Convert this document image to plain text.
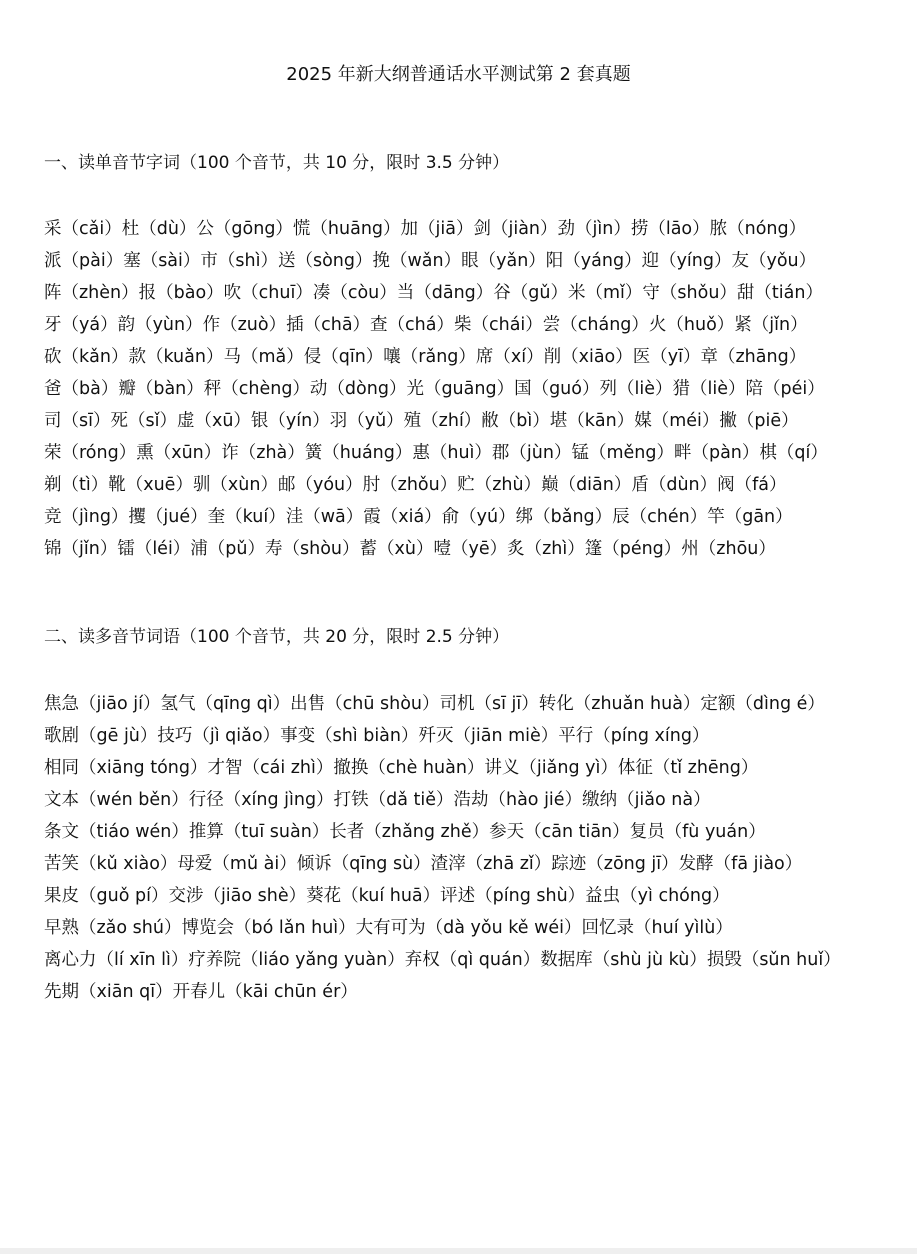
2025 年新大纲普通话水平测试第 2 套真题
一、读单音节字词（100 个音节，共 10 分，限时 3.5 分钟）
采（cǎi）杜（dù）公（gōng）慌（huāng）加（jiā）剑（jiàn）劲（jìn）捞（lāo）脓（nóng）
派（pài）塞（sài）市（shì）送（sòng）挽（wǎn）眼（yǎn）阳（yáng）迎（yíng）友（yǒu）
阵（zhèn）报（bào）吹（chuī）凑（còu）当（dāng）谷（gǔ）米（mǐ）守（shǒu）甜（tián）
牙（yá）韵（yùn）作（zuò）插（chā）查（chá）柴（chái）尝（cháng）火（huǒ）紧（jǐn）
砍（kǎn）款（kuǎn）马（mǎ）侵（qīn）嚷（rǎng）席（xí）削（xiāo）医（yī）章（zhāng）
爸（bà）瓣（bàn）秤（chèng）动（dòng）光（guāng）国（guó）列（liè）猎（liè）陪（péi）
司（sī）死（sǐ）虚（xū）银（yín）羽（yǔ）殖（zhí）敝（bì）堪（kān）媒（méi）撇（piē）
荣（róng）熏（xūn）诈（zhà）簧（huáng）惠（huì）郡（jùn）锰（měng）畔（pàn）棋（qí）
剃（tì）靴（xuē）驯（xùn）邮（yóu）肘（zhǒu）贮（zhù）巅（diān）盾（dùn）阀（fá）
竞（jìng）攫（jué）奎（kuí）洼（wā）霞（xiá）俞（yú）绑（bǎng）辰（chén）竿（gān）
锦（jǐn）镭（léi）浦（pǔ）寿（shòu）蓄（xù）噎（yē）炙（zhì）篷（péng）州（zhōu）
二、读多音节词语（100 个音节，共 20 分，限时 2.5 分钟）
焦急（jiāo jí）氢气（qīng qì）出售（chū shòu）司机（sī jī）转化（zhuǎn huà）定额（dìng é）
歌剧（gē jù）技巧（jì qiǎo）事变（shì biàn）歼灭（jiān miè）平行（píng xíng）
相同（xiāng tóng）才智（cái zhì）撤换（chè huàn）讲义（jiǎng yì）体征（tǐ zhēng）
文本（wén běn）行径（xíng jìng）打铁（dǎ tiě）浩劫（hào jié）缴纳（jiǎo nà）
条文（tiáo wén）推算（tuī suàn）长者（zhǎng zhě）参天（cān tiān）复员（fù yuán）
苦笑（kǔ xiào）母爱（mǔ ài）倾诉（qīng sù）渣滓（zhā zǐ）踪迹（zōng jī）发酵（fā jiào）
果皮（guǒ pí）交涉（jiāo shè）葵花（kuí huā）评述（píng shù）益虫（yì chóng）
早熟（zǎo shú）博览会（bó lǎn huì）大有可为（dà yǒu kě wéi）回忆录（huí yìlù）
离心力（lí xīn lì）疗养院（liáo yǎng yuàn）弃权（qì quán）数据库（shù jù kù）损毁（sǔn huǐ）
先期（xiān qī）开春儿（kāi chūn ér）
